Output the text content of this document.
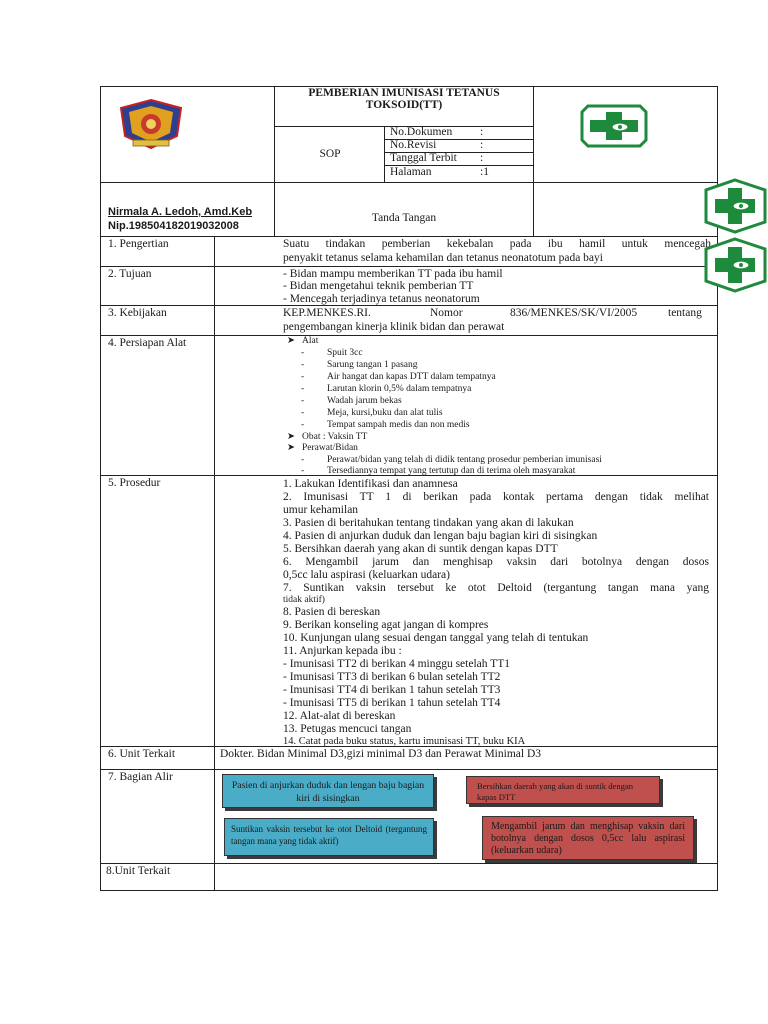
PEMBERIAN IMUNISASI TETANUS
TOKSOID(TT)
SOP
No.Dokumen :
No.Revisi	:
Tanggal Terbit :
Halaman	:1
Nirmala A. Ledoh, Amd.Keb
Nip.198504182019032008
Tanda Tangan
1. Pengertian	Suatu tindakan pemberian kekebalan pada ibu hamil untuk mencegah
penyakit tetanus selama kehamilan dan tetanus neonatotum pada bayi
2. Tujuan	- Bidan mampu memberikan TT pada ibu hamil
- Bidan mengetahui teknik pemberian TT
- Mencegah terjadinya tetanus neonatorum
3. Kebijakan	KEP.MENKES.RI.	Nomor	836/MENKES/SK/VI/2005	tentang
pengembangan kinerja klinik bidan dan perawat
4. Persiapan Alat	➤ Alat
- Spuit 3cc
- Sarung tangan 1 pasang
- Air hangat dan kapas DTT dalam tempatnya
- Larutan klorin 0,5% dalam tempatnya
- Wadah jarum bekas
- Meja, kursi,buku dan alat tulis
- Tempat sampah medis dan non medis
➤ Obat : Vaksin TT
➤ Perawat/Bidan
- Perawat/bidan yang telah di didik tentang prosedur pemberian imunisasi
- Tersediannya tempat yang tertutup dan di terima oleh masyarakat
5. Prosedur	1. Lakukan Identifikasi dan anamnesa
2. Imunisasi TT 1 di berikan pada kontak pertama dengan tidak melihat
umur kehamilan
3. Pasien di beritahukan tentang tindakan yang akan di lakukan
4. Pasien di anjurkan duduk dan lengan baju bagian kiri di sisingkan
5. Bersihkan daerah yang akan di suntik dengan kapas DTT
6. Mengambil jarum dan menghisap vaksin dari botolnya dengan dosos
0,5cc lalu aspirasi (keluarkan udara)
7. Suntikan vaksin tersebut ke otot Deltoid (tergantung tangan mana yang
tidak aktif)
8. Pasien di bereskan
9. Berikan konseling agat jangan di kompres
10. Kunjungan ulang sesuai dengan tanggal yang telah di tentukan
11. Anjurkan kepada ibu :
- Imunisasi TT2 di berikan 4 minggu setelah TT1
- Imunisasi TT3 di berikan 6 bulan setelah TT2
- Imunisasi TT4 di berikan 1 tahun setelah TT3
- Imunisasi TT5 di berikan 1 tahun setelah TT4
12. Alat-alat di bereskan
13. Petugas mencuci tangan
14. Catat pada buku status, kartu imunisasi TT, buku KIA
6. Unit Terkait	Dokter. Bidan Minimal D3,gizi minimal D3 dan Perawat Minimal D3
7. Bagian Alir
Pasien di anjurkan duduk dan lengan baju bagian kiri di sisingkan
Bersihkan daerah yang akan di suntik dengan kapas DTT
Suntikan vaksin tersebut ke otot Deltoid (tergantung tangan mana yang tidak aktif)
Mengambil jarum dan menghisap vaksin dari botolnya dengan dosos 0,5cc lalu aspirasi (keluarkan udara)
8.Unit Terkait
